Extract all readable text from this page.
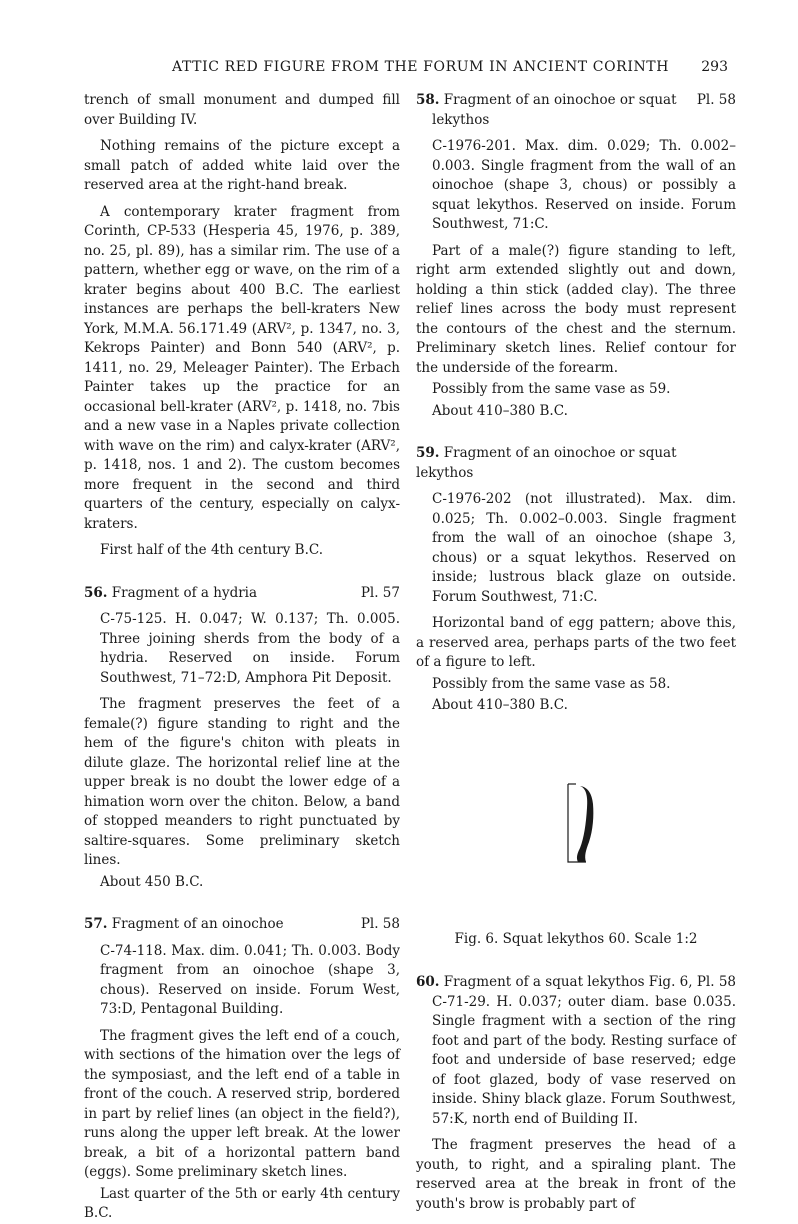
ATTIC RED FIGURE FROM THE FORUM IN ANCIENT CORINTH 293

trench of small monument and dumped fill over Building IV.

Nothing remains of the picture except a small patch of added white laid over the reserved area at the right-hand break.

A contemporary krater fragment from Corinth, CP-533 (Hesperia 45, 1976, p. 389, no. 25, pl. 89), has a similar rim. The use of a pattern, whether egg or wave, on the rim of a krater begins about 400 B.C. The earliest instances are perhaps the bell-kraters New York, M.M.A. 56.171.49 (ARV², p. 1347, no. 3, Kekrops Painter) and Bonn 540 (ARV², p. 1411, no. 29, Meleager Painter). The Erbach Painter takes up the practice for an occasional bell-krater (ARV², p. 1418, no. 7bis and a new vase in a Naples private collection with wave on the rim) and calyx-krater (ARV², p. 1418, nos. 1 and 2). The custom becomes more frequent in the second and third quarters of the century, especially on calyx-kraters.

First half of the 4th century B.C.

56. Fragment of a hydria	Pl. 57

C-75-125. H. 0.047; W. 0.137; Th. 0.005. Three joining sherds from the body of a hydria. Reserved on inside. Forum Southwest, 71–72:D, Amphora Pit Deposit.

The fragment preserves the feet of a female(?) figure standing to right and the hem of the figure's chiton with pleats in dilute glaze. The horizontal relief line at the upper break is no doubt the lower edge of a himation worn over the chiton. Below, a band of stopped meanders to right punctuated by saltire-squares. Some preliminary sketch lines.

About 450 B.C.

57. Fragment of an oinochoe	Pl. 58

C-74-118. Max. dim. 0.041; Th. 0.003. Body fragment from an oinochoe (shape 3, chous). Reserved on inside. Forum West, 73:D, Pentagonal Building.

The fragment gives the left end of a couch, with sections of the himation over the legs of the symposiast, and the left end of a table in front of the couch. A reserved strip, bordered in part by relief lines (an object in the field?), runs along the upper left break. At the lower break, a bit of a horizontal pattern band (eggs). Some preliminary sketch lines.

Last quarter of the 5th or early 4th century B.C.

58. Fragment of an oinochoe or squat lekythos
Pl. 58

C-1976-201. Max. dim. 0.029; Th. 0.002–0.003. Single fragment from the wall of an oinochoe (shape 3, chous) or possibly a squat lekythos. Reserved on inside. Forum Southwest, 71:C.

Part of a male(?) figure standing to left, right arm extended slightly out and down, holding a thin stick (added clay). The three relief lines across the body must represent the contours of the chest and the sternum. Preliminary sketch lines. Relief contour for the underside of the forearm.

Possibly from the same vase as 59.

About 410–380 B.C.

59. Fragment of an oinochoe or squat lekythos

C-1976-202 (not illustrated). Max. dim. 0.025; Th. 0.002–0.003. Single fragment from the wall of an oinochoe (shape 3, chous) or a squat lekythos. Reserved on inside; lustrous black glaze on outside. Forum Southwest, 71:C.

Horizontal band of egg pattern; above this, a reserved area, perhaps parts of the two feet of a figure to left.

Possibly from the same vase as 58.

About 410–380 B.C.

Fig. 6. Squat lekythos 60. Scale 1:2
60. Fragment of a squat lekythos Fig. 6, Pl. 58

C-71-29. H. 0.037; outer diam. base 0.035. Single fragment with a section of the ring foot and part of the body. Resting surface of foot and underside of base reserved; edge of foot glazed, body of vase reserved on inside. Shiny black glaze. Forum Southwest, 57:K, north end of Building II.

The fragment preserves the head of a youth, to right, and a spiraling plant. The reserved area at the break in front of the youth's brow is probably part of
